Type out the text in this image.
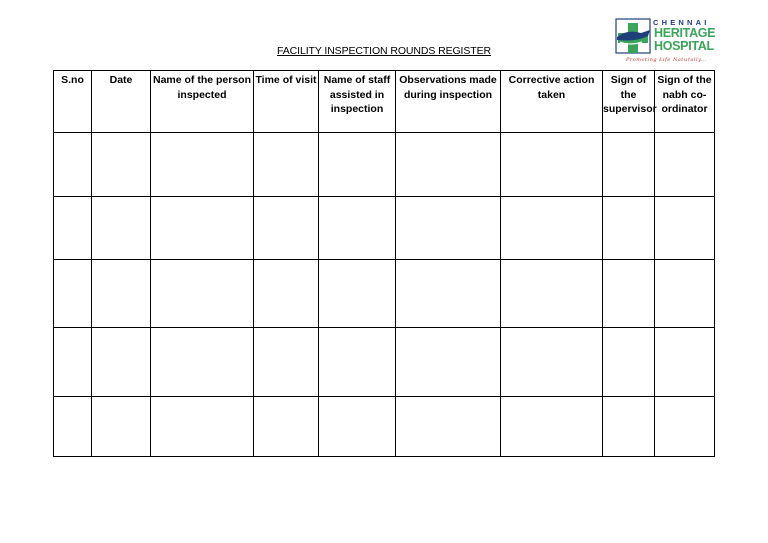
CHENNAI
HERITAGE
HOSPITAL
Promoting Life Naturally...
FACILITY INSPECTION ROUNDS REGISTER
S.no	Date	Name of the person inspected	Time of visit	Name of staff assisted in inspection	Observations made during inspection	Corrective action taken	Sign of the supervisor	Sign of the nabh co-ordinator
